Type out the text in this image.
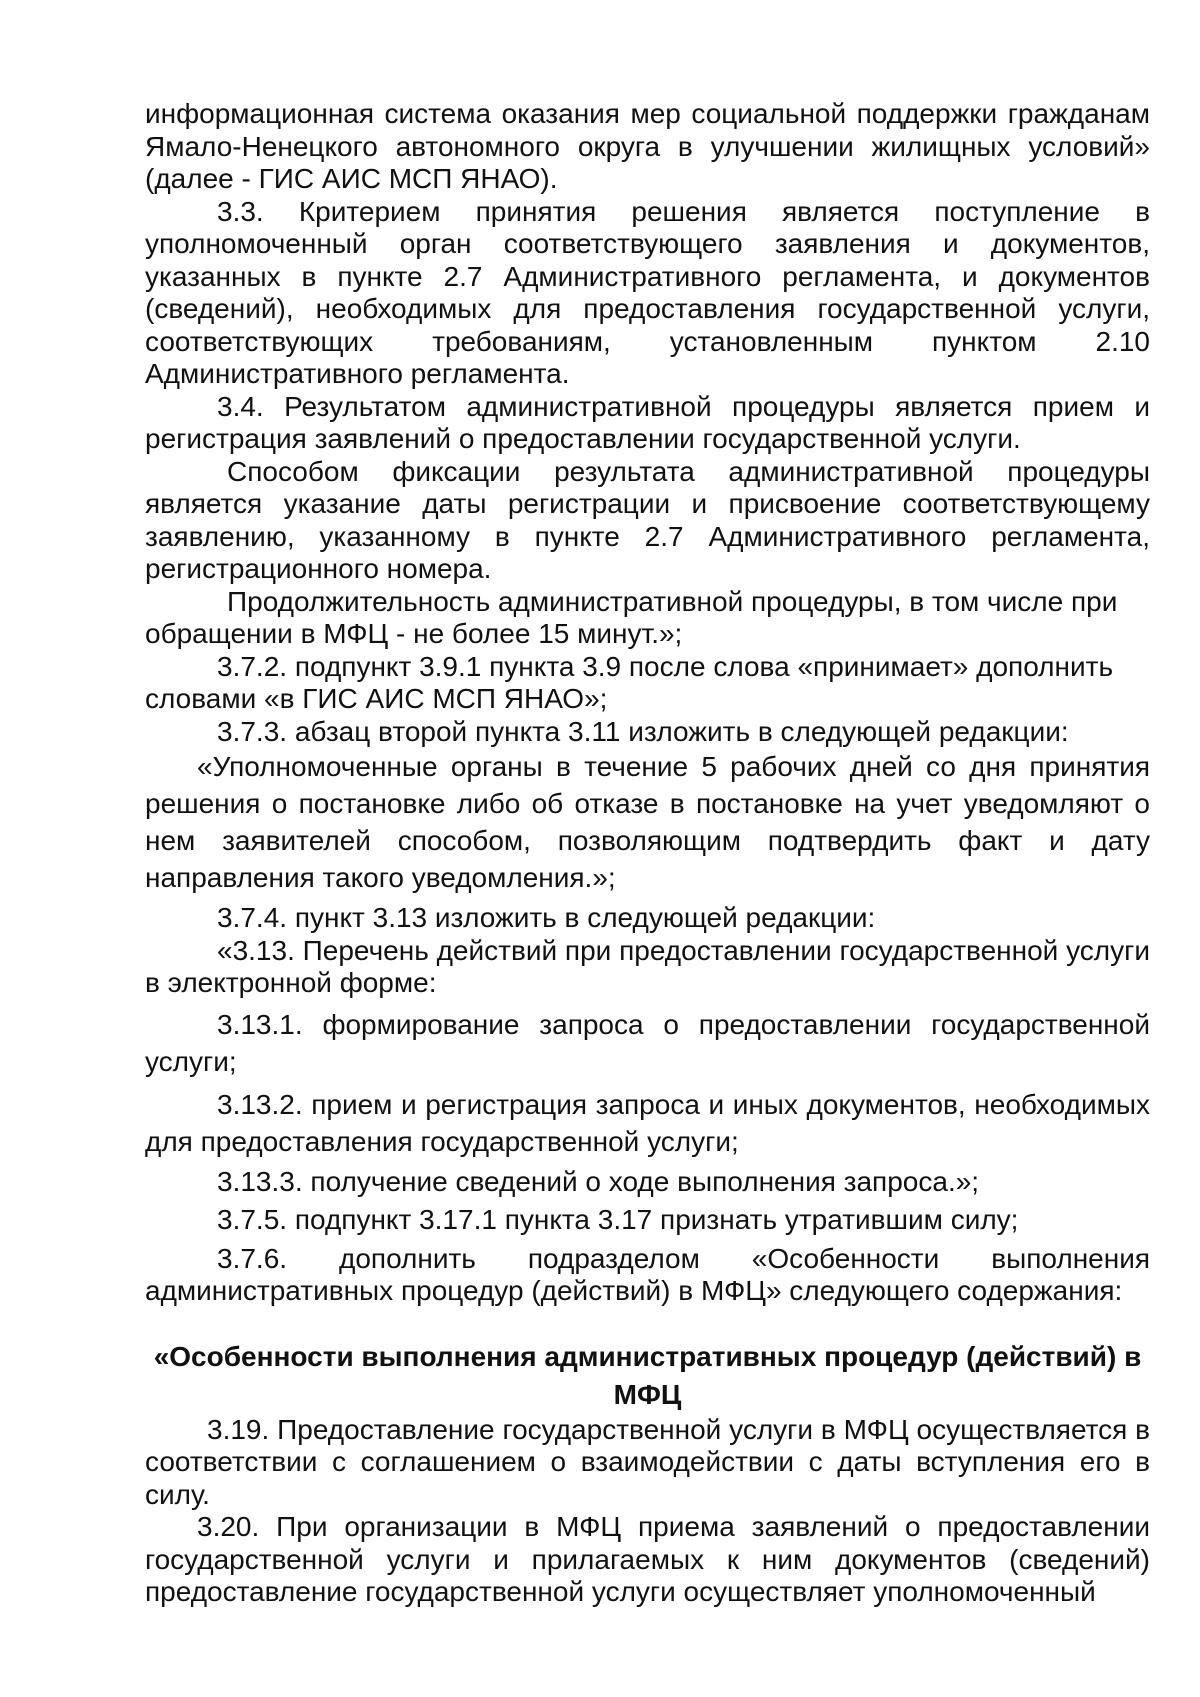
информационная система оказания мер социальной поддержки гражданам Ямало-Ненецкого автономного округа в улучшении жилищных условий» (далее - ГИС АИС МСП ЯНАО).

3.3. Критерием принятия решения является поступление в уполномоченный орган соответствующего заявления и документов, указанных в пункте 2.7 Административного регламента, и документов (сведений), необходимых для предоставления государственной услуги, соответствующих требованиям, установленным пунктом 2.10 Административного регламента.

3.4. Результатом административной процедуры является прием и регистрация заявлений о предоставлении государственной услуги.

Способом фиксации результата административной процедуры является указание даты регистрации и присвоение соответствующему заявлению, указанному в пункте 2.7 Административного регламента, регистрационного номера.

Продолжительность административной процедуры, в том числе при обращении в МФЦ - не более 15 минут.»;

3.7.2. подпункт 3.9.1 пункта 3.9 после слова «принимает» дополнить словами «в ГИС АИС МСП ЯНАО»;

3.7.3. абзац второй пункта 3.11 изложить в следующей редакции:

«Уполномоченные органы в течение 5 рабочих дней со дня принятия решения о постановке либо об отказе в постановке на учет уведомляют о нем заявителей способом, позволяющим подтвердить факт и дату направления такого уведомления.»;

3.7.4. пункт 3.13 изложить в следующей редакции:

«3.13. Перечень действий при предоставлении государственной услуги в электронной форме:

3.13.1. формирование запроса о предоставлении государственной услуги;

3.13.2. прием и регистрация запроса и иных документов, необходимых для предоставления государственной услуги;

3.13.3. получение сведений о ходе выполнения запроса.»;

3.7.5. подпункт 3.17.1 пункта 3.17 признать утратившим силу;

3.7.6. дополнить подразделом «Особенности выполнения административных процедур (действий) в МФЦ» следующего содержания:

«Особенности выполнения административных процедур (действий) в МФЦ

3.19. Предоставление государственной услуги в МФЦ осуществляется в соответствии с соглашением о взаимодействии с даты вступления его в силу.

3.20. При организации в МФЦ приема заявлений о предоставлении государственной услуги и прилагаемых к ним документов (сведений) предоставление государственной услуги осуществляет уполномоченный
